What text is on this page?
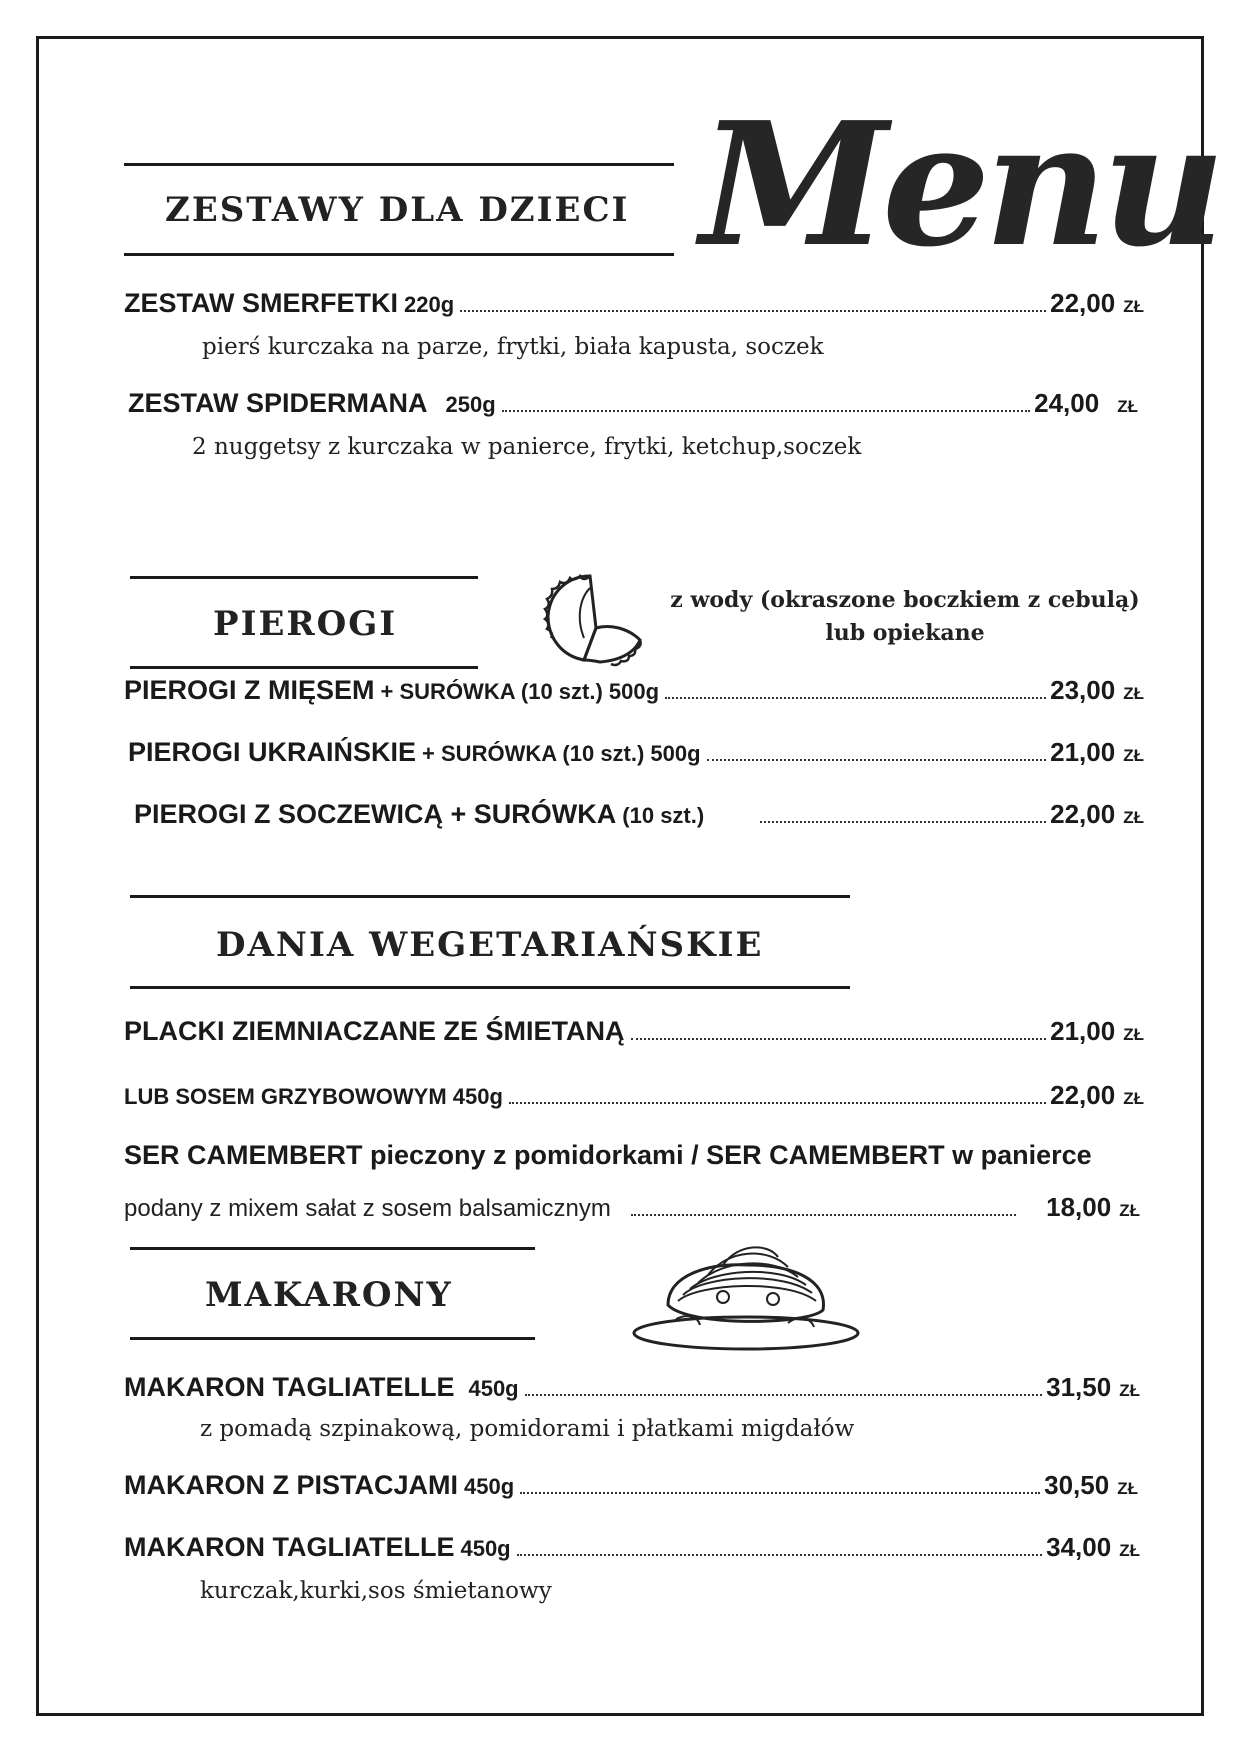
Menu
ZESTAWY DLA DZIECI
ZESTAW SMERFETKI 220g	22,00 ZŁ
pierś kurczaka na parze, frytki, biała kapusta, soczek
ZESTAW SPIDERMANA 250g	24,00 ZŁ
2 nuggetsy z kurczaka w panierce, frytki, ketchup,soczek
PIEROGI
z wody (okraszone boczkiem z cebulą) lub opiekane
PIEROGI Z MIĘSEM + SURÓWKA (10 szt.) 500g	23,00 ZŁ
PIEROGI UKRAIŃSKIE + SURÓWKA (10 szt.) 500g	21,00 ZŁ
PIEROGI Z SOCZEWICĄ + SURÓWKA (10 szt.)	22,00 ZŁ
DANIA WEGETARIAŃSKIE
PLACKI ZIEMNIACZANE ZE ŚMIETANĄ	21,00 ZŁ
LUB SOSEM GRZYBOWOWYM 450g	22,00 ZŁ
SER CAMEMBERT pieczony z pomidorkami / SER CAMEMBERT w panierce
podany z mixem sałat z sosem balsamicznym	18,00 ZŁ
MAKARONY
MAKARON TAGLIATELLE 450g	31,50 ZŁ
z pomadą szpinakową, pomidorami i płatkami migdałów
MAKARON Z PISTACJAMI 450g	30,50 ZŁ
MAKARON TAGLIATELLE 450g	34,00 ZŁ
kurczak,kurki,sos śmietanowy
